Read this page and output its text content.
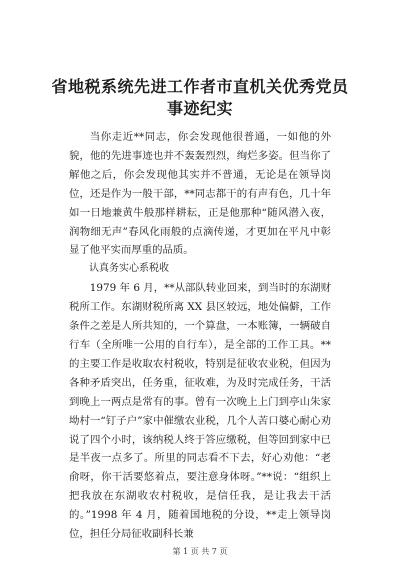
省地税系统先进工作者市直机关优秀党员事迹纪实

当你走近**同志，你会发现他很普通，一如他的外貌，他的先进事迹也并不轰轰烈烈，绚烂多姿。但当你了解他之后，你会发现他其实并不普通，无论是在领导岗位，还是作为一般干部，**同志都干的有声有色，几十年如一日地兼黄牛般那样耕耘，正是他那种“随风潜入夜，润物细无声”春风化雨般的点滴传递，才更加在平凡中彰显了他平实而厚重的品质。

认真务实心系税收

1979 年 6 月，**从部队转业回来，到当时的东湖财税所工作。东湖财税所离 XX 县区较远，地处偏僻，工作条件之差是人所共知的，一个算盘，一本账簿，一辆破自行车（全所唯一公用的自行车），是全部的工作工具。**的主要工作是收取农村税收，特别是征收农业税，但因为各种矛盾突出，任务重，征收难，为及时完成任务，干活到晚上一两点是常有的事。曾有一次晚上上门到亭山朱家坳村一“钉子户”家中催缴农业税，几个人苦口婆心耐心劝说了四个小时，该纳税人终于答应缴税，但等回到家中已是半夜一点多了。所里的同志看不下去，好心劝他：“老俞呀，你干活要悠着点，要注意身体呀。”**说：“组织上把我放在东湖收农村税收，是信任我，是让我去干活的。”1998 年 4 月，随着国地税的分设，**走上领导岗位，担任分局征收副科长兼

第 1 页 共 7 页
